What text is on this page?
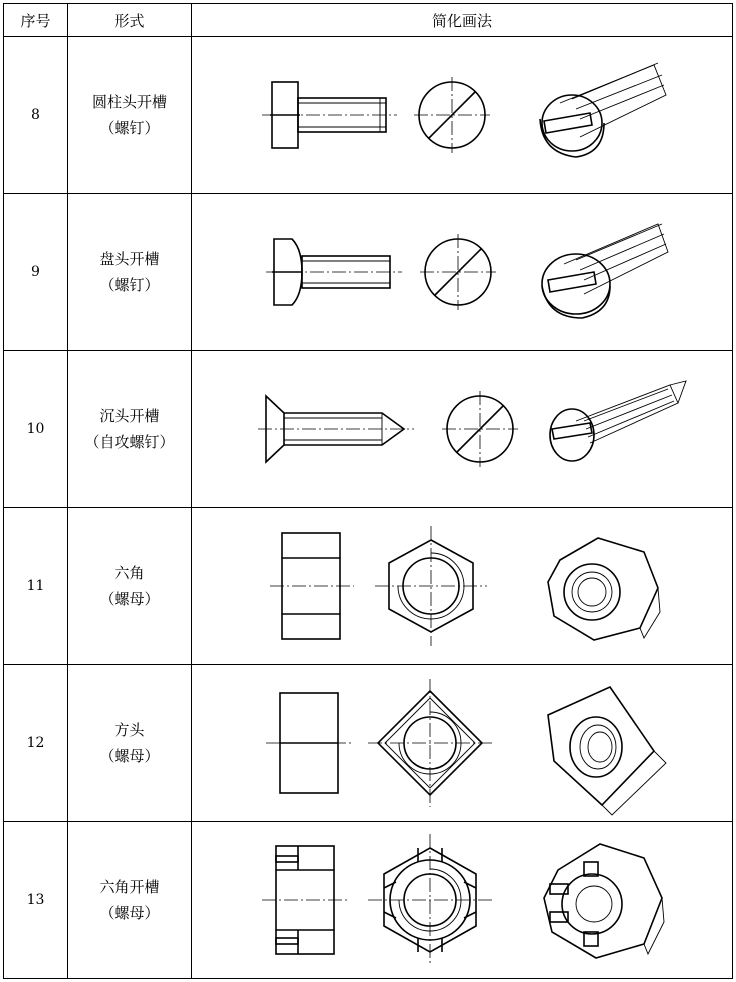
序号	形式	简化画法
8	圆柱头开槽
（螺钉）

9	盘头开槽
（螺钉）

10	沉头开槽
（自攻螺钉）

11	六角
（螺母）

12	方头
（螺母）

13	六角开槽
（螺母）
